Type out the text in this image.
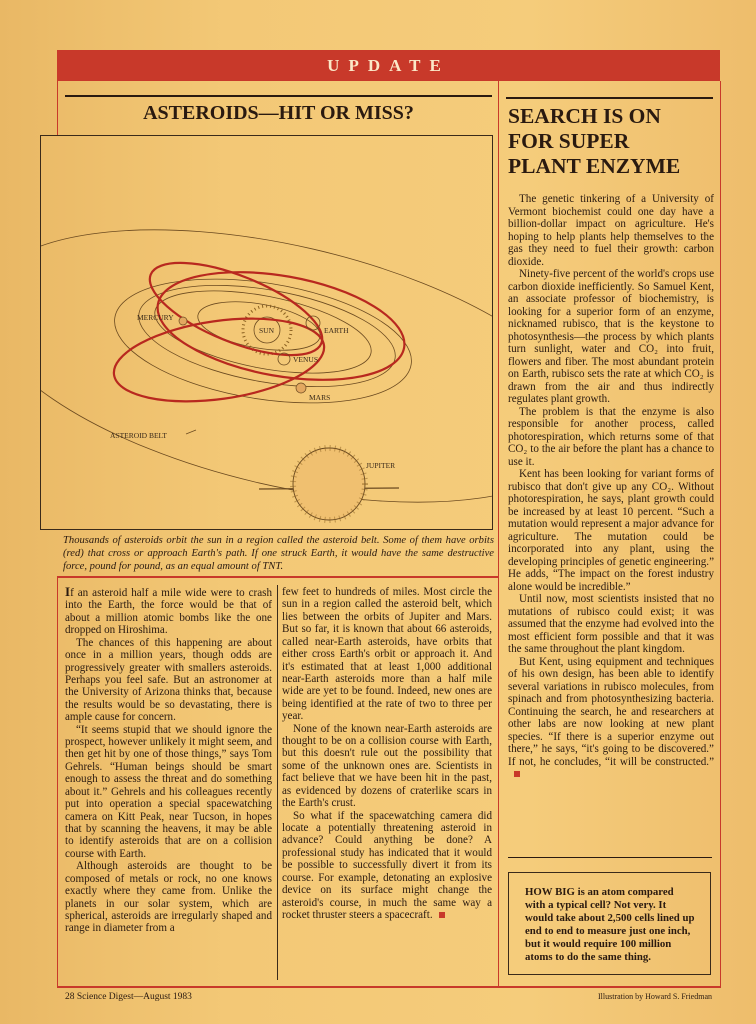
UPDATE
ASTEROIDS—HIT OR MISS?
MERCURY
SUN	EARTH
VENUS
MARS
ASTEROID BELT
JUPITER
Thousands of asteroids orbit the sun in a region called the asteroid belt. Some of them have orbits (red) that cross or approach Earth's path. If one struck Earth, it would have the same destructive force, pound for pound, as an equal amount of TNT.

If an asteroid half a mile wide were to crash into the Earth, the force would be that of about a million atomic bombs like the one dropped on Hiroshima.

The chances of this happening are about once in a million years, though odds are progressively greater with smallers asteroids. Perhaps you feel safe. But an astronomer at the University of Arizona thinks that, because the results would be so devastating, there is ample cause for concern.

“It seems stupid that we should ignore the prospect, however unlikely it might seem, and then get hit by one of those things,” says Tom Gehrels. “Human beings should be smart enough to assess the threat and do something about it.” Gehrels and his colleagues recently put into operation a special spacewatching camera on Kitt Peak, near Tucson, in hopes that by scanning the heavens, it may be able to identify asteroids that are on a collision course with Earth.

Although asteroids are thought to be composed of metals or rock, no one knows exactly where they came from. Unlike the planets in our solar system, which are spherical, asteroids are irregularly shaped and range in diameter from a

few feet to hundreds of miles. Most circle the sun in a region called the asteroid belt, which lies between the orbits of Jupiter and Mars. But so far, it is known that about 66 asteroids, called near-Earth asteroids, have orbits that either cross Earth's orbit or approach it. And it's estimated that at least 1,000 additional near-Earth asteroids more than a half mile wide are yet to be found. Indeed, new ones are being identified at the rate of two to three per year.

None of the known near-Earth asteroids are thought to be on a collision course with Earth, but this doesn't rule out the possibility that some of the unknown ones are. Scientists in fact believe that we have been hit in the past, as evidenced by dozens of craterlike scars in the Earth's crust.

So what if the spacewatching camera did locate a potentially threatening asteroid in advance? Could anything be done? A professional study has indicated that it would be possible to successfully divert it from its course. For example, detonating an explosive device on its surface might change the asteroid's course, in much the same way a rocket thruster steers a spacecraft.

SEARCH IS ON
FOR SUPER
PLANT ENZYME

The genetic tinkering of a University of Vermont biochemist could one day have a billion-dollar impact on agriculture. He's hoping to help plants help themselves to the gas they need to fuel their growth: carbon dioxide.

Ninety-five percent of the world's crops use carbon dioxide inefficiently. So Samuel Kent, an associate professor of biochemistry, is looking for a superior form of an enzyme, nicknamed rubisco, that is the keystone to photosynthesis—the process by which plants turn sunlight, water and CO₂ into fruit, flowers and fiber. The most abundant protein on Earth, rubisco sets the rate at which CO₂ is drawn from the air and thus indirectly regulates plant growth.

The problem is that the enzyme is also responsible for another process, called photorespiration, which returns some of that CO₂ to the air before the plant has a chance to use it.

Kent has been looking for variant forms of rubisco that don't give up any CO₂. Without photorespiration, he says, plant growth could be increased by at least 10 percent. “Such a mutation would represent a major advance for agriculture. The mutation could be incorporated into any plant, using the developing principles of genetic engineering.” He adds, “The impact on the forest industry alone would be incredible.”

Until now, most scientists insisted that no mutations of rubisco could exist; it was assumed that the enzyme had evolved into the most efficient form possible and that it was the same throughout the plant kingdom.

But Kent, using equipment and techniques of his own design, has been able to identify several variations in rubisco molecules, from spinach and from photosynthesizing bacteria. Continuing the search, he and researchers at other labs are now looking at new plant species. “If there is a superior enzyme out there,” he says, “it's going to be discovered.” If not, he concludes, “it will be constructed.”

HOW BIG is an atom compared with a typical cell? Not very. It would take about 2,500 cells lined up end to end to measure just one inch, but it would require 100 million atoms to do the same thing.
28 Science Digest—August 1983	Illustration by Howard S. Friedman
